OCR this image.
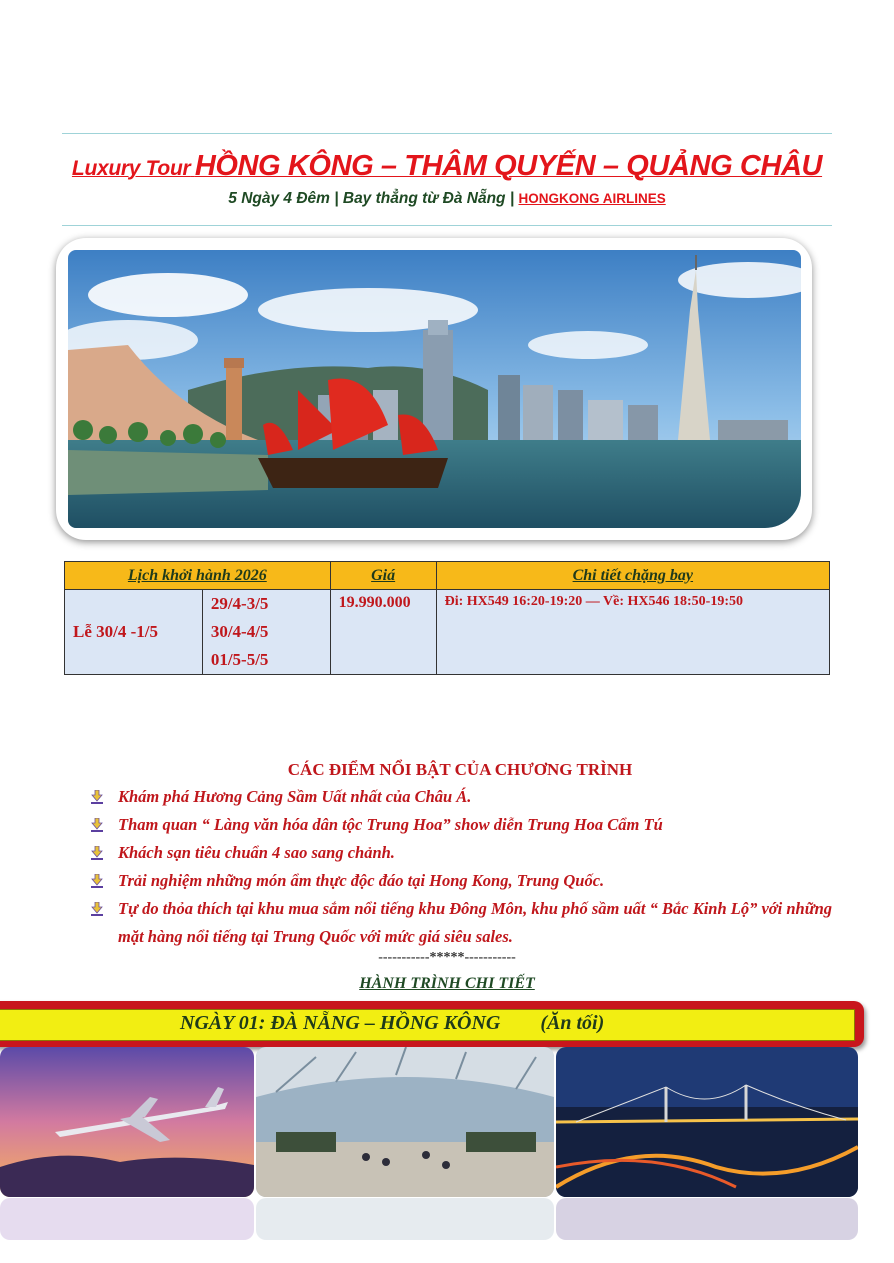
Luxury Tour HỒNG KÔNG – THÂM QUYẾN – QUẢNG CHÂU
5 Ngày 4 Đêm | Bay thẳng từ Đà Nẵng | HONGKONG AIRLINES
Lịch khởi hành 2026		Giá	Chi tiết chặng bay
Lễ 30/4 -1/5	29/4-3/5
30/4-4/5
01/5-5/5	19.990.000	Đi: HX549 16:20-19:20 — Về: HX546 18:50-19:50
CÁC ĐIỂM NỔI BẬT CỦA CHƯƠNG TRÌNH
Khám phá Hương Cảng Sầm Uất nhất của Châu Á.
Tham quan “ Làng văn hóa dân tộc Trung Hoa” show diễn Trung Hoa Cẩm Tú
Khách sạn tiêu chuẩn 4 sao sang chảnh.
Trải nghiệm những món ẩm thực độc đáo tại Hong Kong, Trung Quốc.
Tự do thỏa thích tại khu mua sắm nổi tiếng khu Đông Môn, khu phố sầm uất “ Bắc Kinh Lộ” với những mặt hàng nổi tiếng tại Trung Quốc với mức giá siêu sales.
-----------*****-----------
HÀNH TRÌNH CHI TIẾT
NGÀY 01: ĐÀ NẴNG – HỒNG KÔNG (Ăn tối)
